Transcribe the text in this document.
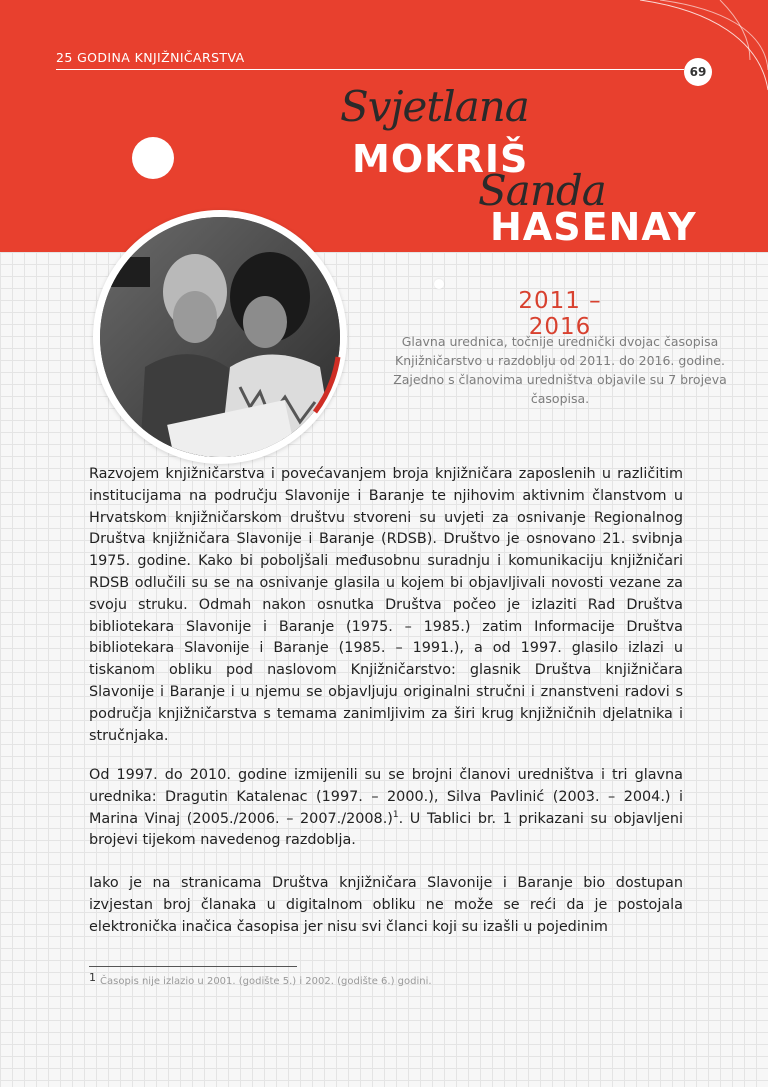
25 GODINA KNJIŽNIČARSTVA
69
Svjetlana
MOKRIŠ
Sanda
HASENAY
2011 – 2016
Glavna urednica, točnije urednički dvojac časopisa Knjižničarstvo u razdoblju od 2011. do 2016. godine. Zajedno s članovima uredništva objavile su 7 brojeva časopisa.

Razvojem knjižničarstva i povećavanjem broja knjižničara zaposlenih u različitim institucijama na području Slavonije i Baranje te njihovim aktivnim članstvom u Hrvatskom knjižničarskom društvu stvoreni su uvjeti za osnivanje Regionalnog Društva knjižničara Slavonije i Baranje (RDSB). Društvo je osnovano 21. svibnja 1975. godine. Kako bi poboljšali međusobnu suradnju i komunikaciju knjižničari RDSB odlučili su se na osnivanje glasila u kojem bi objavljivali novosti vezane za svoju struku. Odmah nakon osnutka Društva počeo je izlaziti Rad Društva bibliotekara Slavonije i Baranje (1975. – 1985.) zatim Informacije Društva bibliotekara Slavonije i Baranje (1985. – 1991.), a od 1997. glasilo izlazi u tiskanom obliku pod naslovom Knjižničarstvo: glasnik Društva knjižničara Slavonije i Baranje i u njemu se objavljuju originalni stručni i znanstveni radovi s područja knjižničarstva s temama zanimljivim za širi krug knjižničnih djelatnika i stručnjaka.

Od 1997. do 2010. godine izmijenili su se brojni članovi uredništva i tri glavna urednika: Dragutin Katalenac (1997. – 2000.), Silva Pavlinić (2003. – 2004.) i Marina Vinaj (2005./2006. – 2007./2008.)$^1$. U Tablici br. 1 prikazani su objavljeni brojevi tijekom navedenog razdoblja.

Iako je na stranicama Društva knjižničara Slavonije i Baranje bio dostupan izvjestan broj članaka u digitalnom obliku ne može se reći da je postojala elektronička inačica časopisa jer nisu svi članci koji su izašli u pojedinim

$^1$ Časopis nije izlazio u 2001. (godište 5.) i 2002. (godište 6.) godini.
